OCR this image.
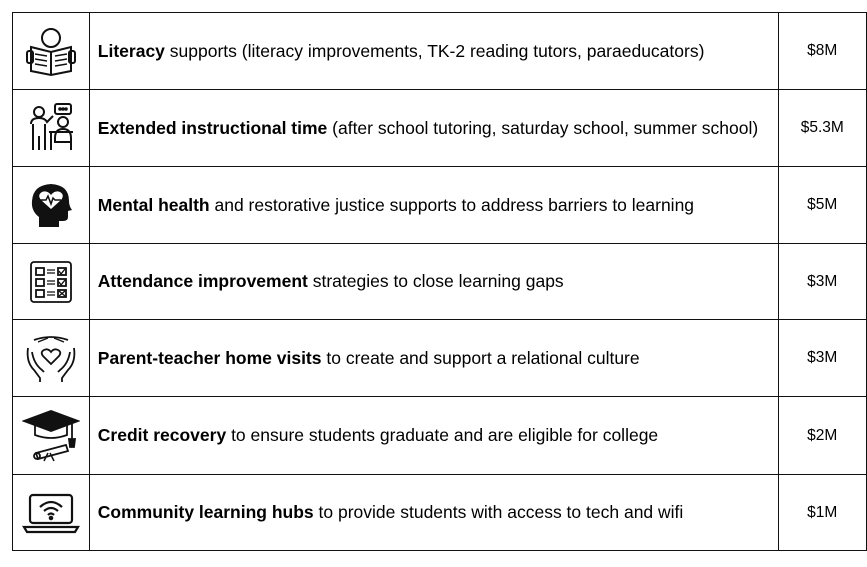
	Literacy supports (literacy improvements, TK-2 reading tutors, paraeducators)	$8M

	Extended instructional time (after school tutoring, saturday school, summer school)	$5.3M

	Mental health and restorative justice supports to address barriers to learning	$5M

	Attendance improvement strategies to close learning gaps	$3M

	Parent-teacher home visits to create and support a relational culture	$3M

	Credit recovery to ensure students graduate and are eligible for college	$2M

	Community learning hubs to provide students with access to tech and wifi	$1M
